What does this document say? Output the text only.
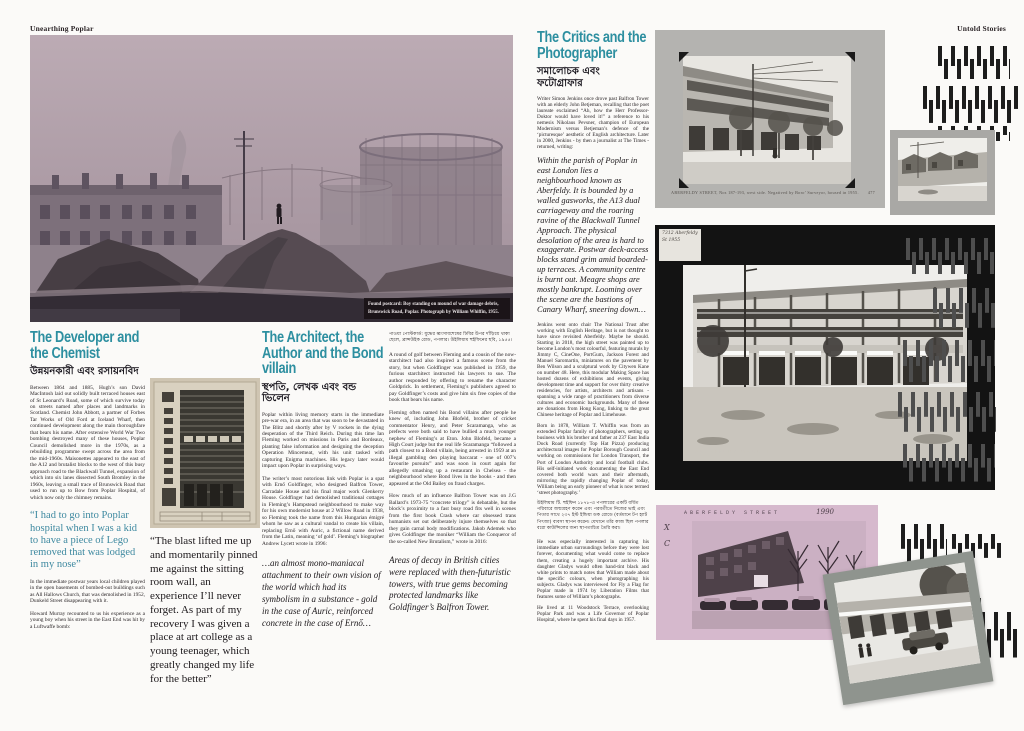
Unearthing Poplar	Untold Stories
Found postcard: Boy standing on mound of war damage debris, Brunswick Road, Poplar. Photograph by William Whiffin, 1955.
The Developer and the Chemist
উন্নয়নকারী এবং রসায়নবিদ

Between 1864 and 1885, Hugh’s son David MacIntosh laid out solidly built terraced houses east of St Leonard’s Road, some of which survive today on streets named after places and landmarks in Scotland. Chemist John Abbott, a partner of Forbes Tar Works of Old Ford at Iceland Wharf, then continued development along the main thoroughfare that bears his name. After extensive World War Two bombing destroyed many of these houses, Poplar Council demolished more in the 1970s, as a rebuilding programme swept across the area from the mid-1960s. Maisonettes appeared to the east of the A12 and brutalist blocks to the west of this busy approach road to the Blackwall Tunnel, expansion of which into six lanes dissected South Bromley in the 1960s, leaving a small trace of Brunswick Road that used to run up to Bow from Poplar Hospital, of which now only the chimney remains.

“I had to go into Poplar hospital when I was a kid to have a piece of Lego removed that was lodged in my nose”

In the immediate postwar years local children played in the open basements of bombed-out buildings such as All Hallows Church, that was demolished in 1952, Dunkeld Street disappearing with it.

Howard Murray recounted to us his experience as a young boy when his street in the East End was hit by a Luftwaffe bomb:

“The blast lifted me up and momentarily pinned me against the sitting room wall, an experience I’ll never forget. As part of my recovery I was given a place at art college as a young teenager, which greatly changed my life for the better”
The Architect, the Author and the Bond villain
স্থপতি, লেখক এবং বন্ড ভিলেন

Poplar within living memory starts in the immediate pre-war era, in an area that was soon to be devastated in The Blitz and shortly after by V rockets in the dying desperation of the Third Reich. During this time Ian Fleming worked on missions in Paris and Bordeaux, planting false information and designing the deception Operation Mincemeat, with his unit tasked with capturing Enigma machines. His legacy later would impact upon Poplar in surprising ways.

The writer’s most notorious link with Poplar is a spat with Ernő Goldfinger, who designed Balfron Tower, Carradale House and his final major work Glenkerry House. Goldfinger had demolished traditional cottages in Fleming’s Hampstead neighbourhood to make way for his own modernist house at 2 Willow Road in 1938, so Fleming took the name from this Hungarian émigré whom he saw as a cultural vandal to create his villain, replacing Ernő with Auric, a fictional name derived from the Latin, meaning ‘of gold’. Fleming’s biographer Andrew Lycett wrote in 1996:

…an almost mono-maniacal attachment to their own vision of the world which had its symbolism in a substance - gold in the case of Auric, reinforced concrete in the case of Ernő…
পাওয়া পোস্টকার্ড: যুদ্ধের ধ্বংসাবশেষের ঢিবির উপর দাঁড়িয়ে থাকা ছেলে, ব্রান্সউইক রোড, পপলার। উইলিয়াম হুইফিনের ছবি, ১৯৫৫।

A round of golf between Fleming and a cousin of the now-starchitect had also inspired a famous scene from the story, but when Goldfinger was published in 1959, the furious starchitect instructed his lawyers to sue. The author responded by offering to rename the character Goldprick. In settlement, Fleming’s publishers agreed to pay Goldfinger’s costs and give him six free copies of the book that bears his name.

Fleming often named his Bond villains after people he knew of, including John Blofeld, brother of cricket commentator Henry, and Peter Scaramanga, who as prefects were both said to have bullied a much younger nephew of Fleming’s at Eton. John Blofeld, became a High Court judge but the real life Scaramanga “followed a path closest to a Bond villain, being arrested in 1959 at an illegal gambling den playing baccarat - one of 007’s favourite pursuits” and was soon in court again for allegedly smashing up a restaurant in Chelsea - the neighbourhood where Bond lives in the books - and then appeared at the Old Bailey on fraud charges.

How much of an influence Balfron Tower was on J.G Ballard’s 1973-75 “concrete trilogy” is debatable, but the block’s proximity to a fast busy road fits well in scenes from the first book Crash where car obsessed trans humanists set out deliberately injure themselves so that they gain carnal body modifications. Jakob Ademek who gives Goldfinger the moniker “William the Conqueror of the so-called New Brutalism,” wrote in 2016:

Areas of decay in British cities were replaced with then-futuristic towers, with true gems becoming protected landmarks like Goldfinger’s Balfron Tower.
The Critics and the Photographer
সমালোচক এবং ফটোগ্রাফার

Writer Simon Jenkins once drove past Balfron Tower with an elderly John Betjeman, recalling that the poet laureate exclaimed “Ah, how the Herr Professor-Doktor would have loved it!” a reference to his nemesis Nikolaus Pevsner, champion of European Modernism versus Betjeman’s defence of the ‘picturesque’ aesthetic of English architecture. Later in 2000, Jenkins - by then a journalist at The Times - returned, writing:

Within the parish of Poplar in east London lies a neighbourhood known as Aberfeldy. It is bounded by a walled gasworks, the A13 dual carriageway and the roaring ravine of the Blackwall Tunnel Approach. The physical desolation of the area is hard to exaggerate. Postwar deck-access blocks stand grim amid boarded-up terraces. A community centre is burnt out. Meagre shops are mostly bankrupt. Looming over the scene are the bastions of Canary Wharf, sneering down…

Jenkins went onto chair The National Trust after working with English Heritage, but is not thought to have since revisited Aberfeldy. Maybe he should. Starting in 2018, the high street was painted up to become London’s most colourful, featuring murals by Jimmy C, CineOne, PortGum, Jackson Forest and Manuel Saromartin, miniatures on the pavement by Ben Wilson and a sculptural work by Citywen Kane on number 48. Here, this modular Making Space has hosted dozens of exhibitions and events, giving development time and support for over thirty creative residencies, for artists, architects and artisans - spanning a wide range of practitioners from diverse cultures and economic backgrounds. Many of these are donations from Hong Kong, linking to the great Chinese heritage of Poplar and Limehouse.

Born in 1878, William T. Whiffin was from an extended Poplar family of photographers, setting up business with his brother and father at 237 East India Dock Road (currently Top Hat Pizza) producing architectural images for Poplar Borough Council and working on commissions for London Transport, the Port of London Authority and local football clubs. His self-initiated work documenting the East End covered both world wars and their aftermath, mirroring the rapidly changing Poplar of today, William being an early pioneer of what is now termed ‘street photography.’

উইলিয়াম টি. হুইফিন ১৮৭৮-এ পপলারের একটি বর্ধিত পরিবারে জন্মগ্রহণ করেন এবং পরবর্তীতে নিজের ভাই এবং পিতার সাথে ২৩৭ ইস্ট ইন্ডিয়া ডক রোডে (বর্তমানে টপ হ্যাট পিৎজা) ব্যবসা স্থাপন করেন। যেখানে তাঁর কাজ ছিল পপলার বরো কাউন্সিলের জন্য স্থাপত্যচিত্র তৈরি করা।

He was especially interested in capturing his immediate urban surroundings before they were lost forever, documenting what would come to replace them, creating a hugely important archive. His daughter Gladys would often hand-tint black and white prints to match notes that William made about the specific colours, when photographing his subjects. Gladys was interviewed for Fly a Flag for Poplar made in 1974 by Liberation Films that features some of William’s photographs.

He lived at 11 Woodstock Terrace, overlooking Poplar Park and was a Life Governor of Poplar Hospital, where he spent his final days in 1957.

ABERFELDY STREET, Nos 187-193, west side. Negatived by Boro’ Surveyor, housed in 1955. 477
ABERFELDY MARKET
7312 Aberfeldy St 1955
ABERFELDY STREET	1990
X
C
